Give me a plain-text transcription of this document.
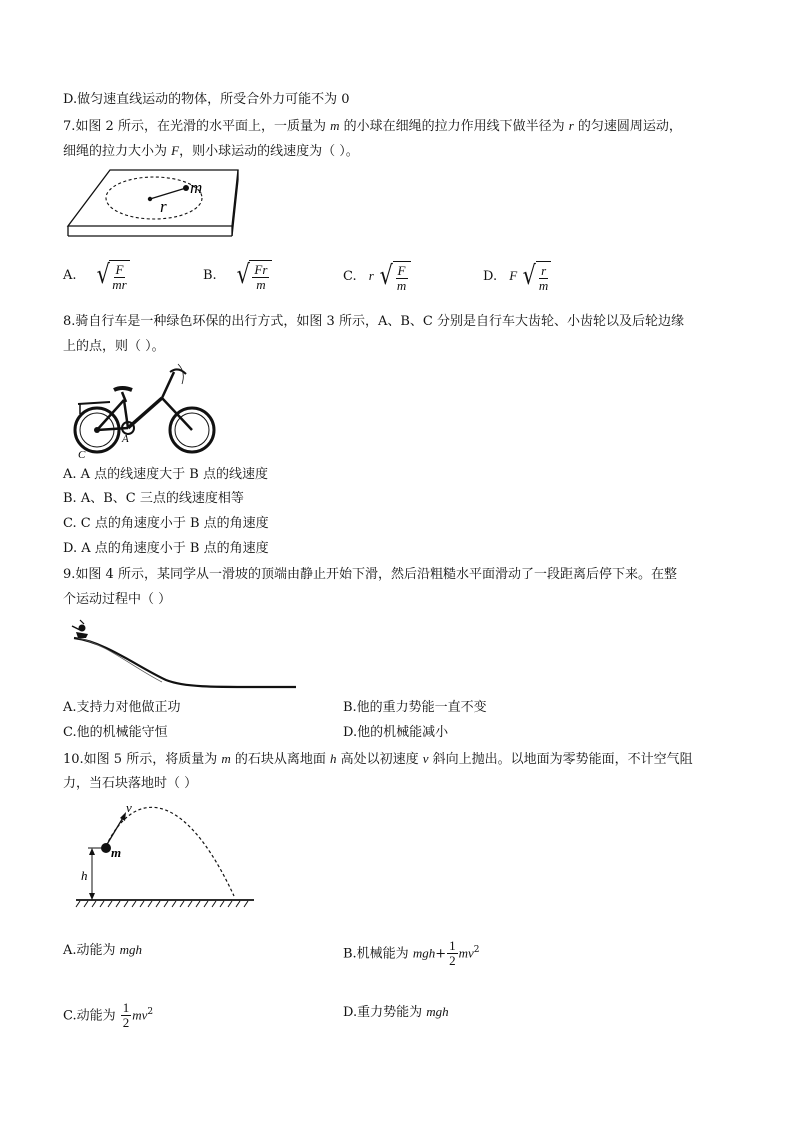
D.做匀速直线运动的物体，所受合外力可能不为 0
7.如图 2 所示，在光滑的水平面上，一质量为 m 的小球在细绳的拉力作用线下做半径为 r 的匀速圆周运动，
细绳的拉力大小为 F，则小球运动的线速度为（ ）。
m
r
A. √ $\frac{F}{mr}$	B. √ $\frac{Fr}{m}$	C. r √ $\frac{F}{m}$	D. F √ $\frac{r}{m}$
8.骑自行车是一种绿色环保的出行方式，如图 3 所示，A、B、C 分别是自行车大齿轮、小齿轮以及后轮边缘
上的点，则（ ）。
B	A
C
A. A 点的线速度大于 B 点的线速度
B. A、B、C 三点的线速度相等
C. C 点的角速度小于 B 点的角速度
D. A 点的角速度小于 B 点的角速度
9.如图 4 所示，某同学从一滑坡的顶端由静止开始下滑，然后沿粗糙水平面滑动了一段距离后停下来。在整
个运动过程中（ ）
A.支持力对他做正功	B.他的重力势能一直不变
C.他的机械能守恒	D.他的机械能减小
10.如图 5 所示，将质量为 m 的石块从离地面 h 高处以初速度 v 斜向上抛出。以地面为零势能面，不计空气阻
力，当石块落地时（ ）
v
m
h
A.动能为 mgh	B.机械能为 $mgh+ \frac{1}{2} mv^2$
C.动能为 $\frac{1}{2} mv^2$	D.重力势能为 mgh
